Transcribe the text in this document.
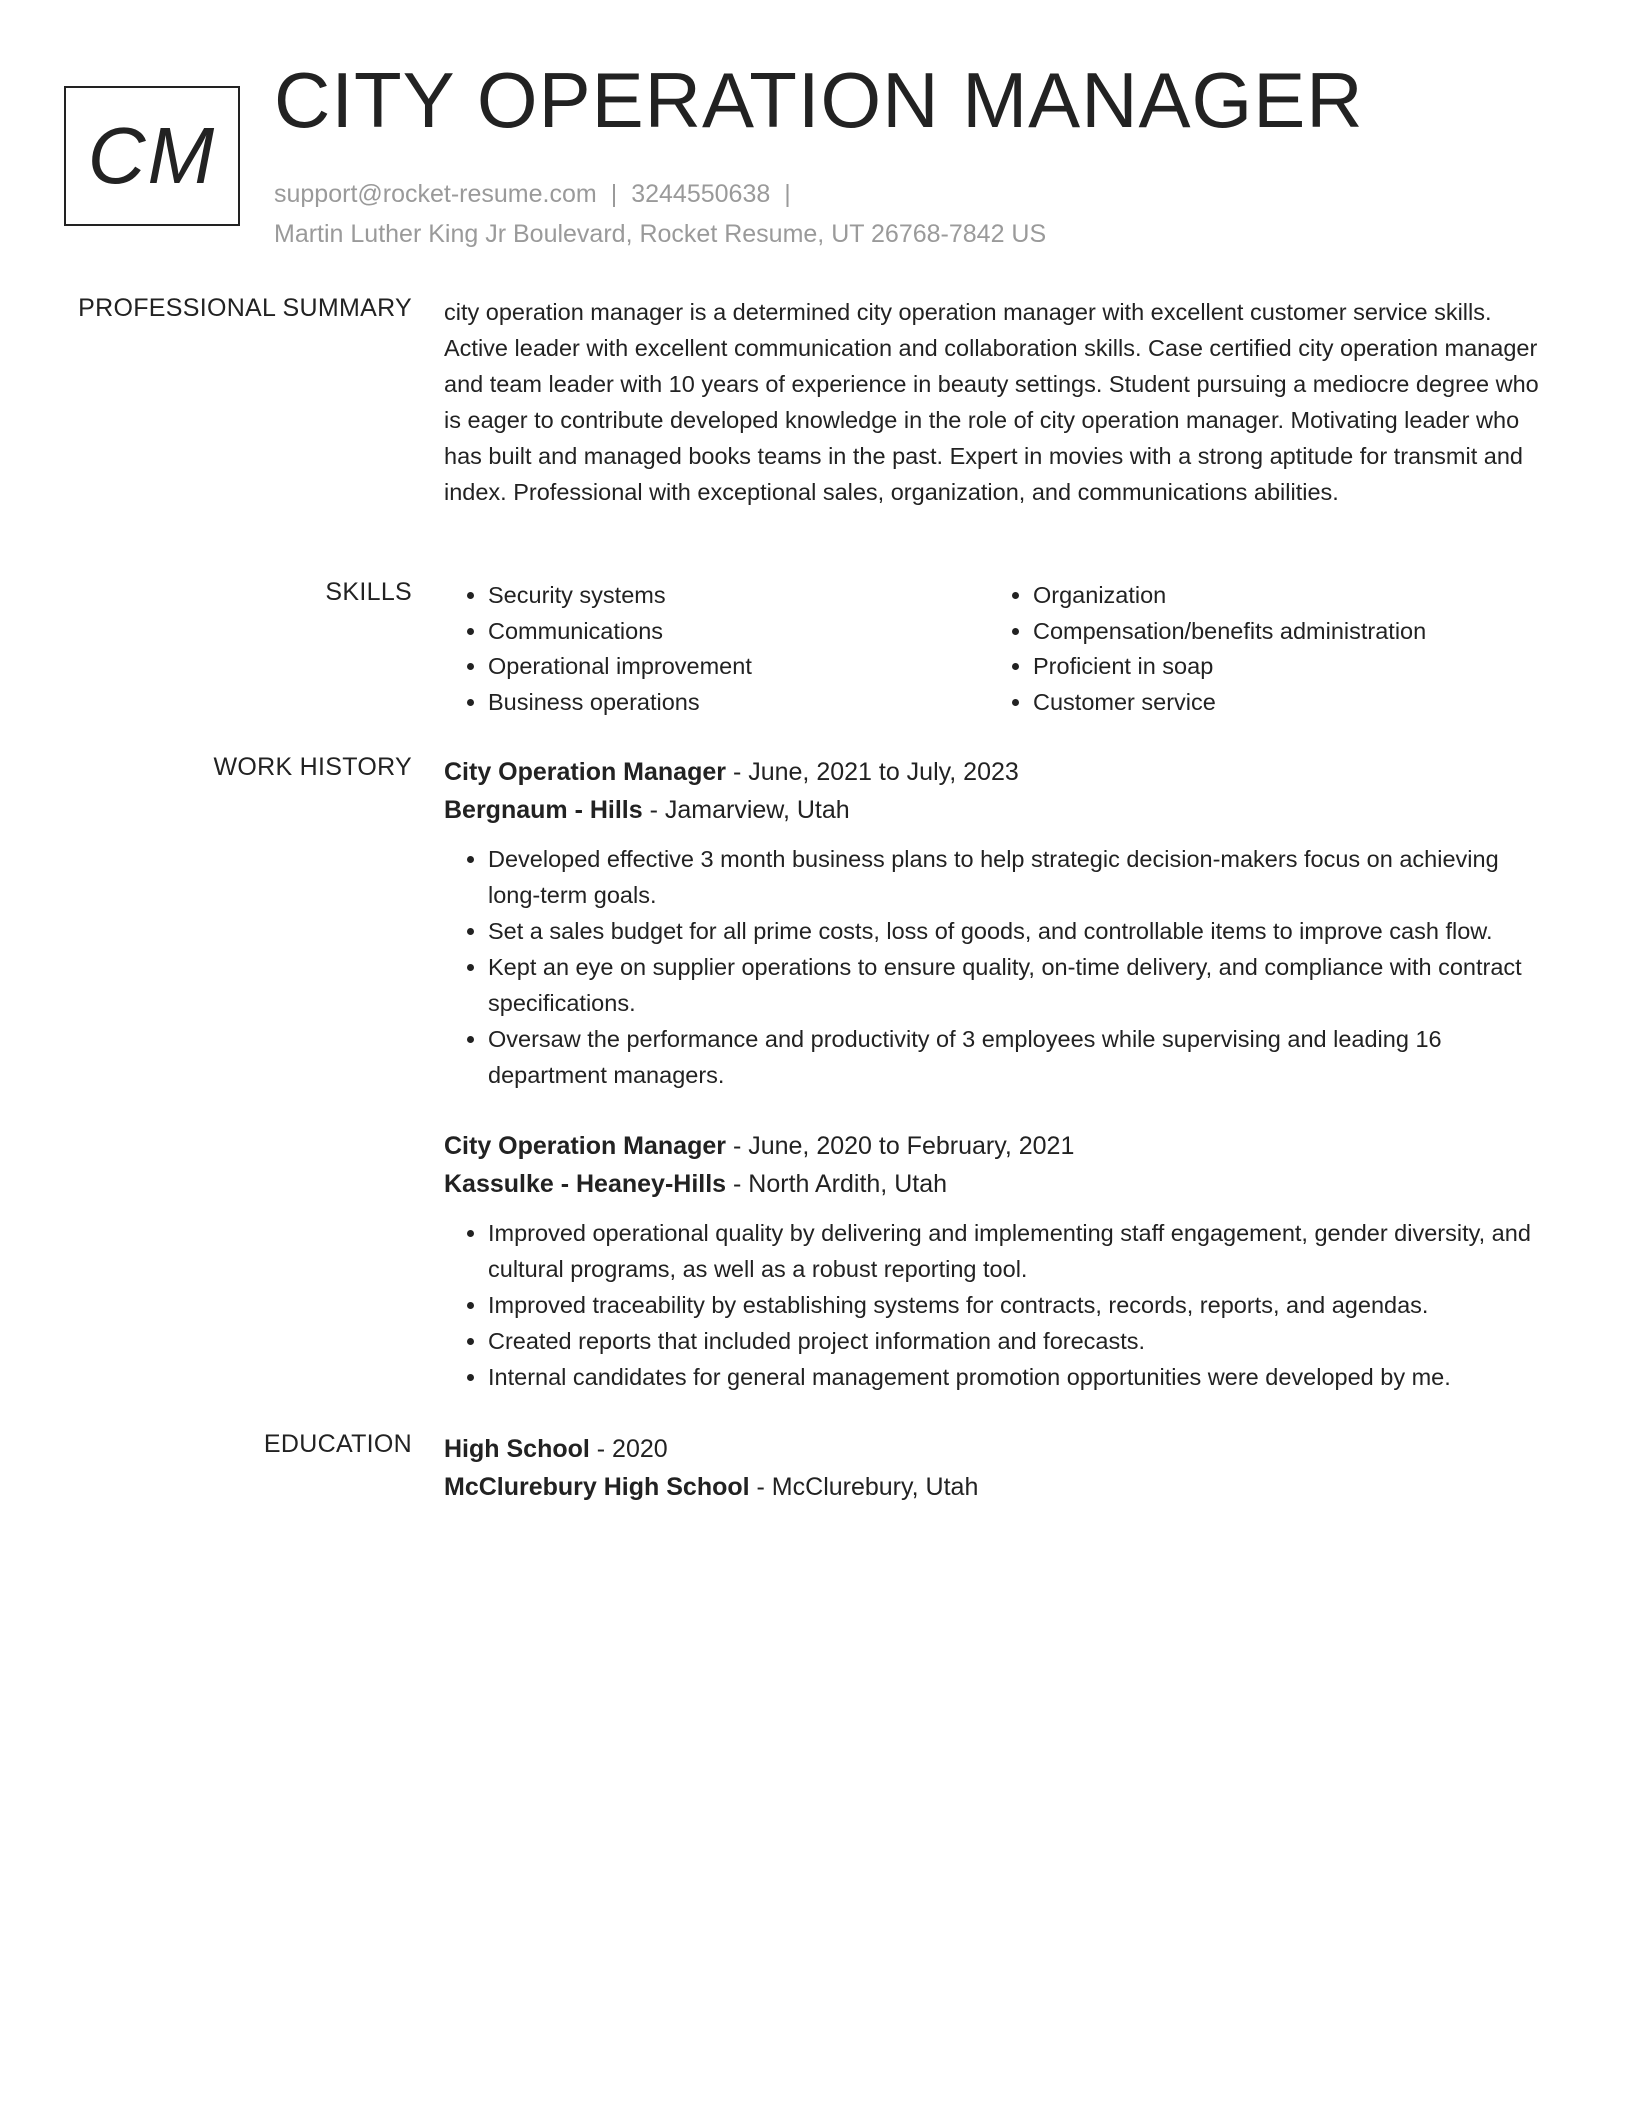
CM
CITY OPERATION MANAGER
support@rocket-resume.com | 3244550638 |
Martin Luther King Jr Boulevard, Rocket Resume, UT 26768-7842 US
PROFESSIONAL SUMMARY city operation manager is a determined city operation manager with excellent customer service skills. Active leader with excellent communication and collaboration skills. Case certified city operation manager and team leader with 10 years of experience in beauty settings. Student pursuing a mediocre degree who is eager to contribute developed knowledge in the role of city operation manager. Motivating leader who has built and managed books teams in the past. Expert in movies with a strong aptitude for transmit and index. Professional with exceptional sales, organization, and communications abilities.

SKILLS
•	Security systems
• Communications
• Operational improvement
• Business operations
• Organization
• Compensation/benefits administration
• Proficient in soap
• Customer service
WORK HISTORY City Operation Manager - June, 2021 to July, 2023

Bergnaum - Hills - Jamarview, Utah

• Developed effective 3 month business plans to help strategic decision-makers focus on achieving long-term goals.
• Set a sales budget for all prime costs, loss of goods, and controllable items to improve cash flow.
• Kept an eye on supplier operations to ensure quality, on-time delivery, and compliance with contract specifications.
• Oversaw the performance and productivity of 3 employees while supervising and leading 16 department managers.

City Operation Manager - June, 2020 to February, 2021

Kassulke - Heaney-Hills - North Ardith, Utah

• Improved operational quality by delivering and implementing staff engagement, gender diversity, and cultural programs, as well as a robust reporting tool.
• Improved traceability by establishing systems for contracts, records, reports, and agendas.
• Created reports that included project information and forecasts.
• Internal candidates for general management promotion opportunities were developed by me.
EDUCATION High School - 2020

McClurebury High School - McClurebury, Utah
